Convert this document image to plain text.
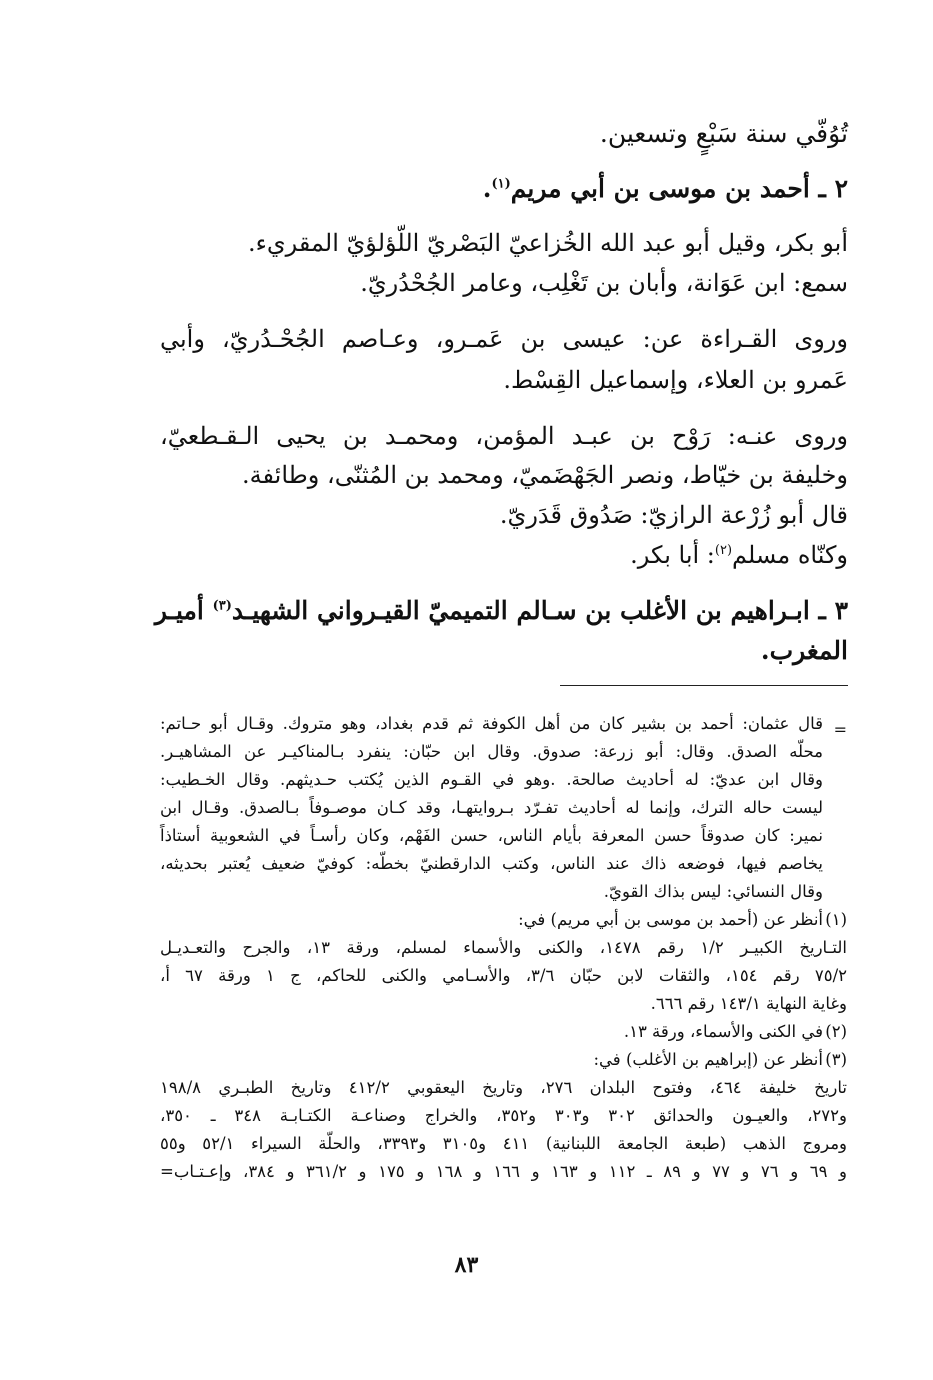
تُوُفّي سنة سَبْعٍ وتسعين.
٢ ـ أحمد بن موسى بن أبي مريم$^{(١)}$.
أبو بكر، وقيل أبو عبد الله الخُزاعيّ البَصْريّ اللّؤلؤيّ المقريء.
سمع: ابن عَوَانة، وأبان بن تَغْلِب، وعامر الجُحْدُريّ.
وروى القـراءة عن: عيسى بن عَمـرو، وعـاصم الجُحْـدُريّ، وأبي
عَمرو بن العلاء، وإسماعيل القِسْط.
وروى عنـه: رَوْح بن عبـد المؤمن، ومحمـد بن يحيى الـقـطعيّ،
وخليفة بن خيّاط، ونصر الجَهْضَميّ، ومحمد بن المُثنّى، وطائفة.
قال أبو زُرْعة الرازيّ: صَدُوق قَدَريّ.
وكنّاه مسلم$^{(٢)}$: أبا بكر.
٣ ـ ابـراهيم بن الأغلب بن سـالم التميميّ القيـرواني الشهيـد$^{(٣)}$ أميـر
المغرب.
=
قال عثمان: أحمد بن بشير كان من أهل الكوفة ثم قدم بغداد، وهو متروك. وقـال أبو حـاتم:
محلّه الصدق. وقال: أبو زرعة: صدوق. وقال ابن حبّان: ينفرد بـالمناكيـر عن المشاهيـر.
وقال ابن عديّ: له أحاديث صالحة. .وهو في القـوم الذين يُكتب حـديثهم. وقال الخـطيب:
ليست حاله الترك، وإنما له أحاديث تفـرّد بـروايتهـا، وقد كـان موصـوفاً بـالصدق. وقـال ابن
نمير: كان صدوقاً حسن المعرفة بأيام الناس، حسن الفَهْم، وكان رأسـاً في الشعوبية أستاذاً
يخاصم فيها، فوضعه ذاك عند الناس، وكتب الدارقطنيّ بخطّه: كوفيّ ضعيف يُعتبر بحديثه،
وقال النسائي: ليس بذاك القويّ.
(١)
أنظر عن (أحمد بن موسى بن أبي مريم) في:
التـاريخ الكبيـر ١/٢ رقم ١٤٧٨، والكنى والأسماء لمسلم، ورقة ١٣، والجرح والتعـديـل
٧٥/٢ رقم ١٥٤، والثقات لابن حبّان ٣/٦، والأسـامي والكنى للحاكم، ج ١ ورقة ٦٧ أ،
وغاية النهاية ١٤٣/١ رقم ٦٦٦.
(٢)
في الكنى والأسماء، ورقة ١٣.
(٣)
أنظر عن (إبراهيم بن الأغلب) في:
تاريخ خليفة ٤٦٤، وفتوح البلدان ٢٧٦، وتاريخ اليعقوبي ٤١٢/٢ وتاريخ الطبـري ١٩٨/٨
و٢٧٢، والعيـون والحدائق ٣٠٢ و٣٠٣ و٣٥٢، والخراج وصناعـة الكتـابـة ٣٤٨ ـ ٣٥٠،
ومروج الذهب (طبعة الجامعة اللبنانية) ٤١١ و٣١٠٥ و٣٣٩٣، والحلّة السيراء ٥٢/١ و٥٥
و ٦٩ و ٧٦ و ٧٧ و ٨٩ ـ ١١٢ و ١٦٣ و ١٦٦ و ١٦٨ و ١٧٥ و ٣٦١/٢ و ٣٨٤، وإعـتـاب=
٨٣
